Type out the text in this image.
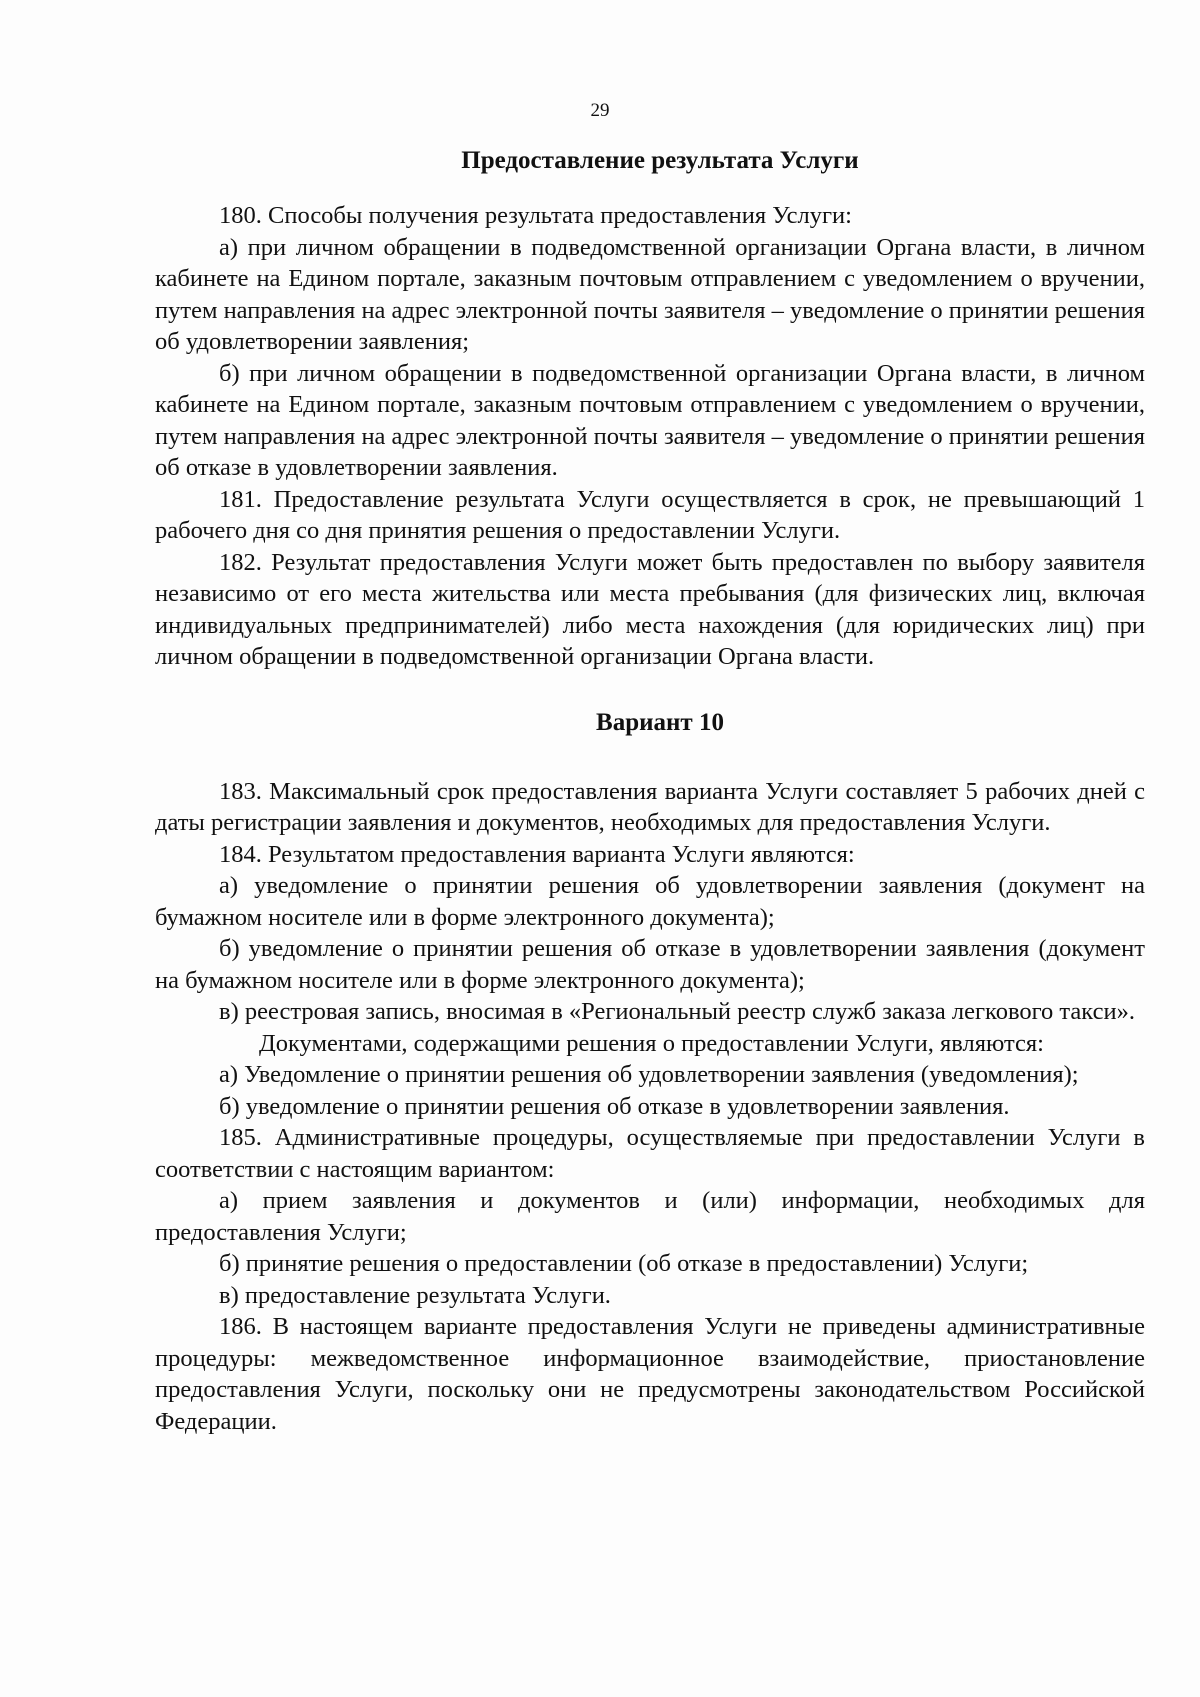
29
Предоставление результата Услуги

180. Способы получения результата предоставления Услуги:

а) при личном обращении в подведомственной организации Органа власти, в личном кабинете на Едином портале, заказным почтовым отправлением с уведомлением о вручении, путем направления на адрес электронной почты заявителя – уведомление о принятии решения об удовлетворении заявления;

б) при личном обращении в подведомственной организации Органа власти, в личном кабинете на Едином портале, заказным почтовым отправлением с уведомлением о вручении, путем направления на адрес электронной почты заявителя – уведомление о принятии решения об отказе в удовлетворении заявления.

181. Предоставление результата Услуги осуществляется в срок, не превышающий 1 рабочего дня со дня принятия решения о предоставлении Услуги.

182. Результат предоставления Услуги может быть предоставлен по выбору заявителя независимо от его места жительства или места пребывания (для физических лиц, включая индивидуальных предпринимателей) либо места нахождения (для юридических лиц) при личном обращении в подведомственной организации Органа власти.

Вариант 10

183. Максимальный срок предоставления варианта Услуги составляет 5 рабочих дней с даты регистрации заявления и документов, необходимых для предоставления Услуги.

184. Результатом предоставления варианта Услуги являются:

а) уведомление о принятии решения об удовлетворении заявления (документ на бумажном носителе или в форме электронного документа);

б) уведомление о принятии решения об отказе в удовлетворении заявления (документ на бумажном носителе или в форме электронного документа);

в) реестровая запись, вносимая в «Региональный реестр служб заказа легкового такси».

Документами, содержащими решения о предоставлении Услуги, являются:

а) Уведомление о принятии решения об удовлетворении заявления (уведомления);

б) уведомление о принятии решения об отказе в удовлетворении заявления.

185. Административные процедуры, осуществляемые при предоставлении Услуги в соответствии с настоящим вариантом:

а) прием заявления и документов и (или) информации, необходимых для предоставления Услуги;

б) принятие решения о предоставлении (об отказе в предоставлении) Услуги;

в) предоставление результата Услуги.

186. В настоящем варианте предоставления Услуги не приведены административные процедуры: межведомственное информационное взаимодействие, приостановление предоставления Услуги, поскольку они не предусмотрены законодательством Российской Федерации.
